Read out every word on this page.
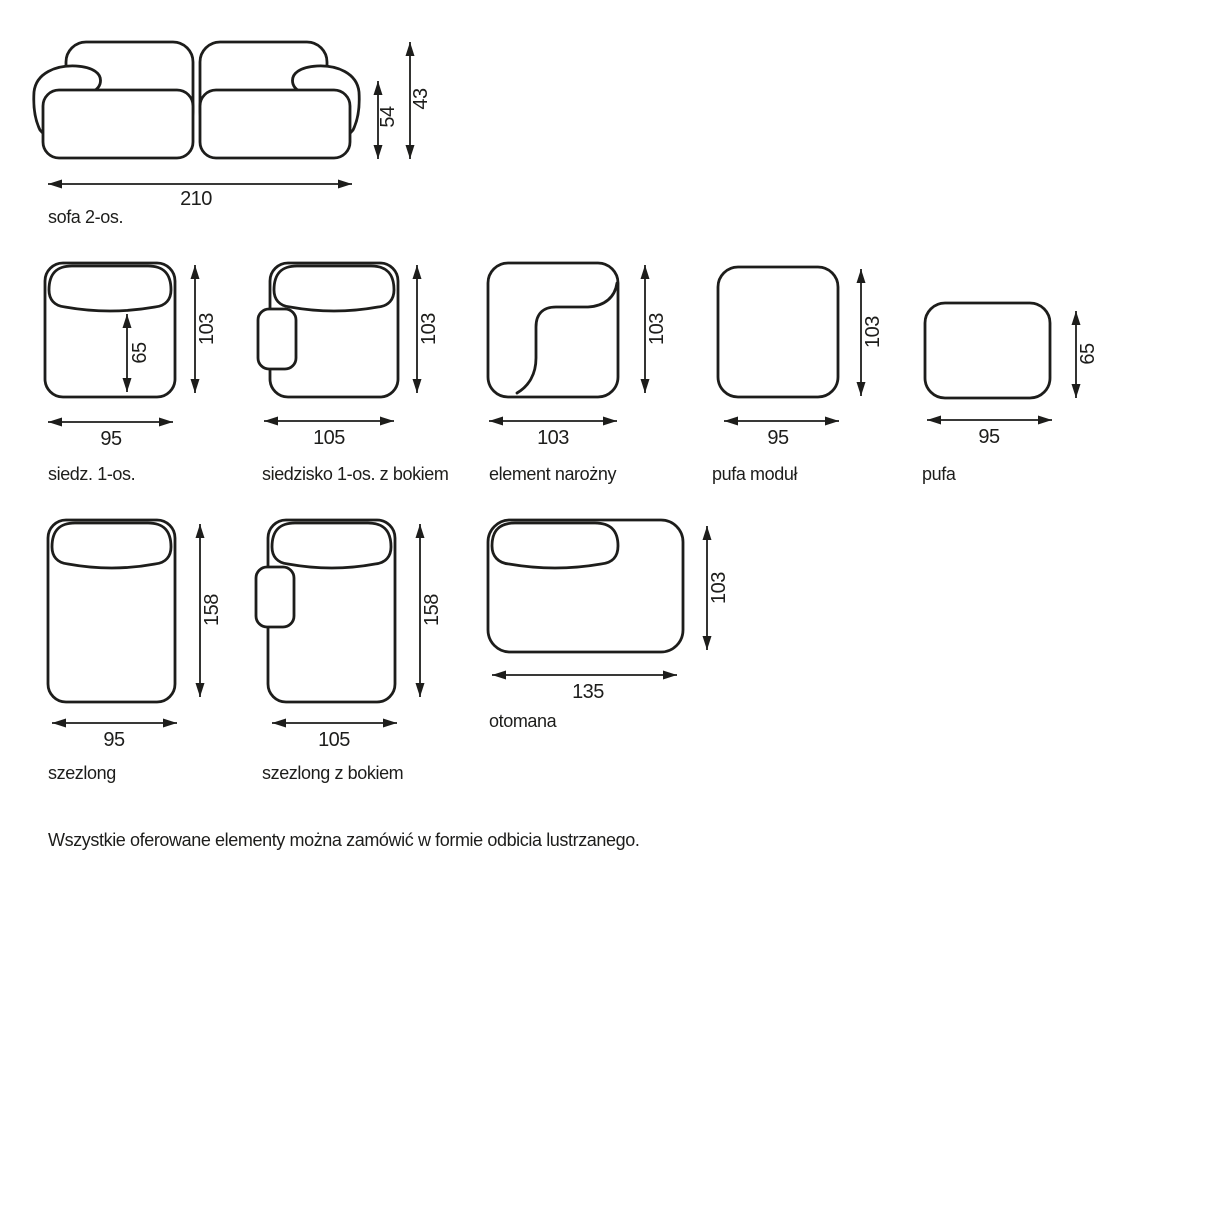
210
54
43
sofa 2-os.
65
103
95
siedz. 1-os.
103
105
siedzisko 1-os. z bokiem
103
103
element narożny
103
95
pufa moduł
65
95
pufa
158
95
szezlong
158
105
szezlong z bokiem
103
135
otomana
Wszystkie oferowane elementy można zamówić w formie odbicia lustrzanego.
